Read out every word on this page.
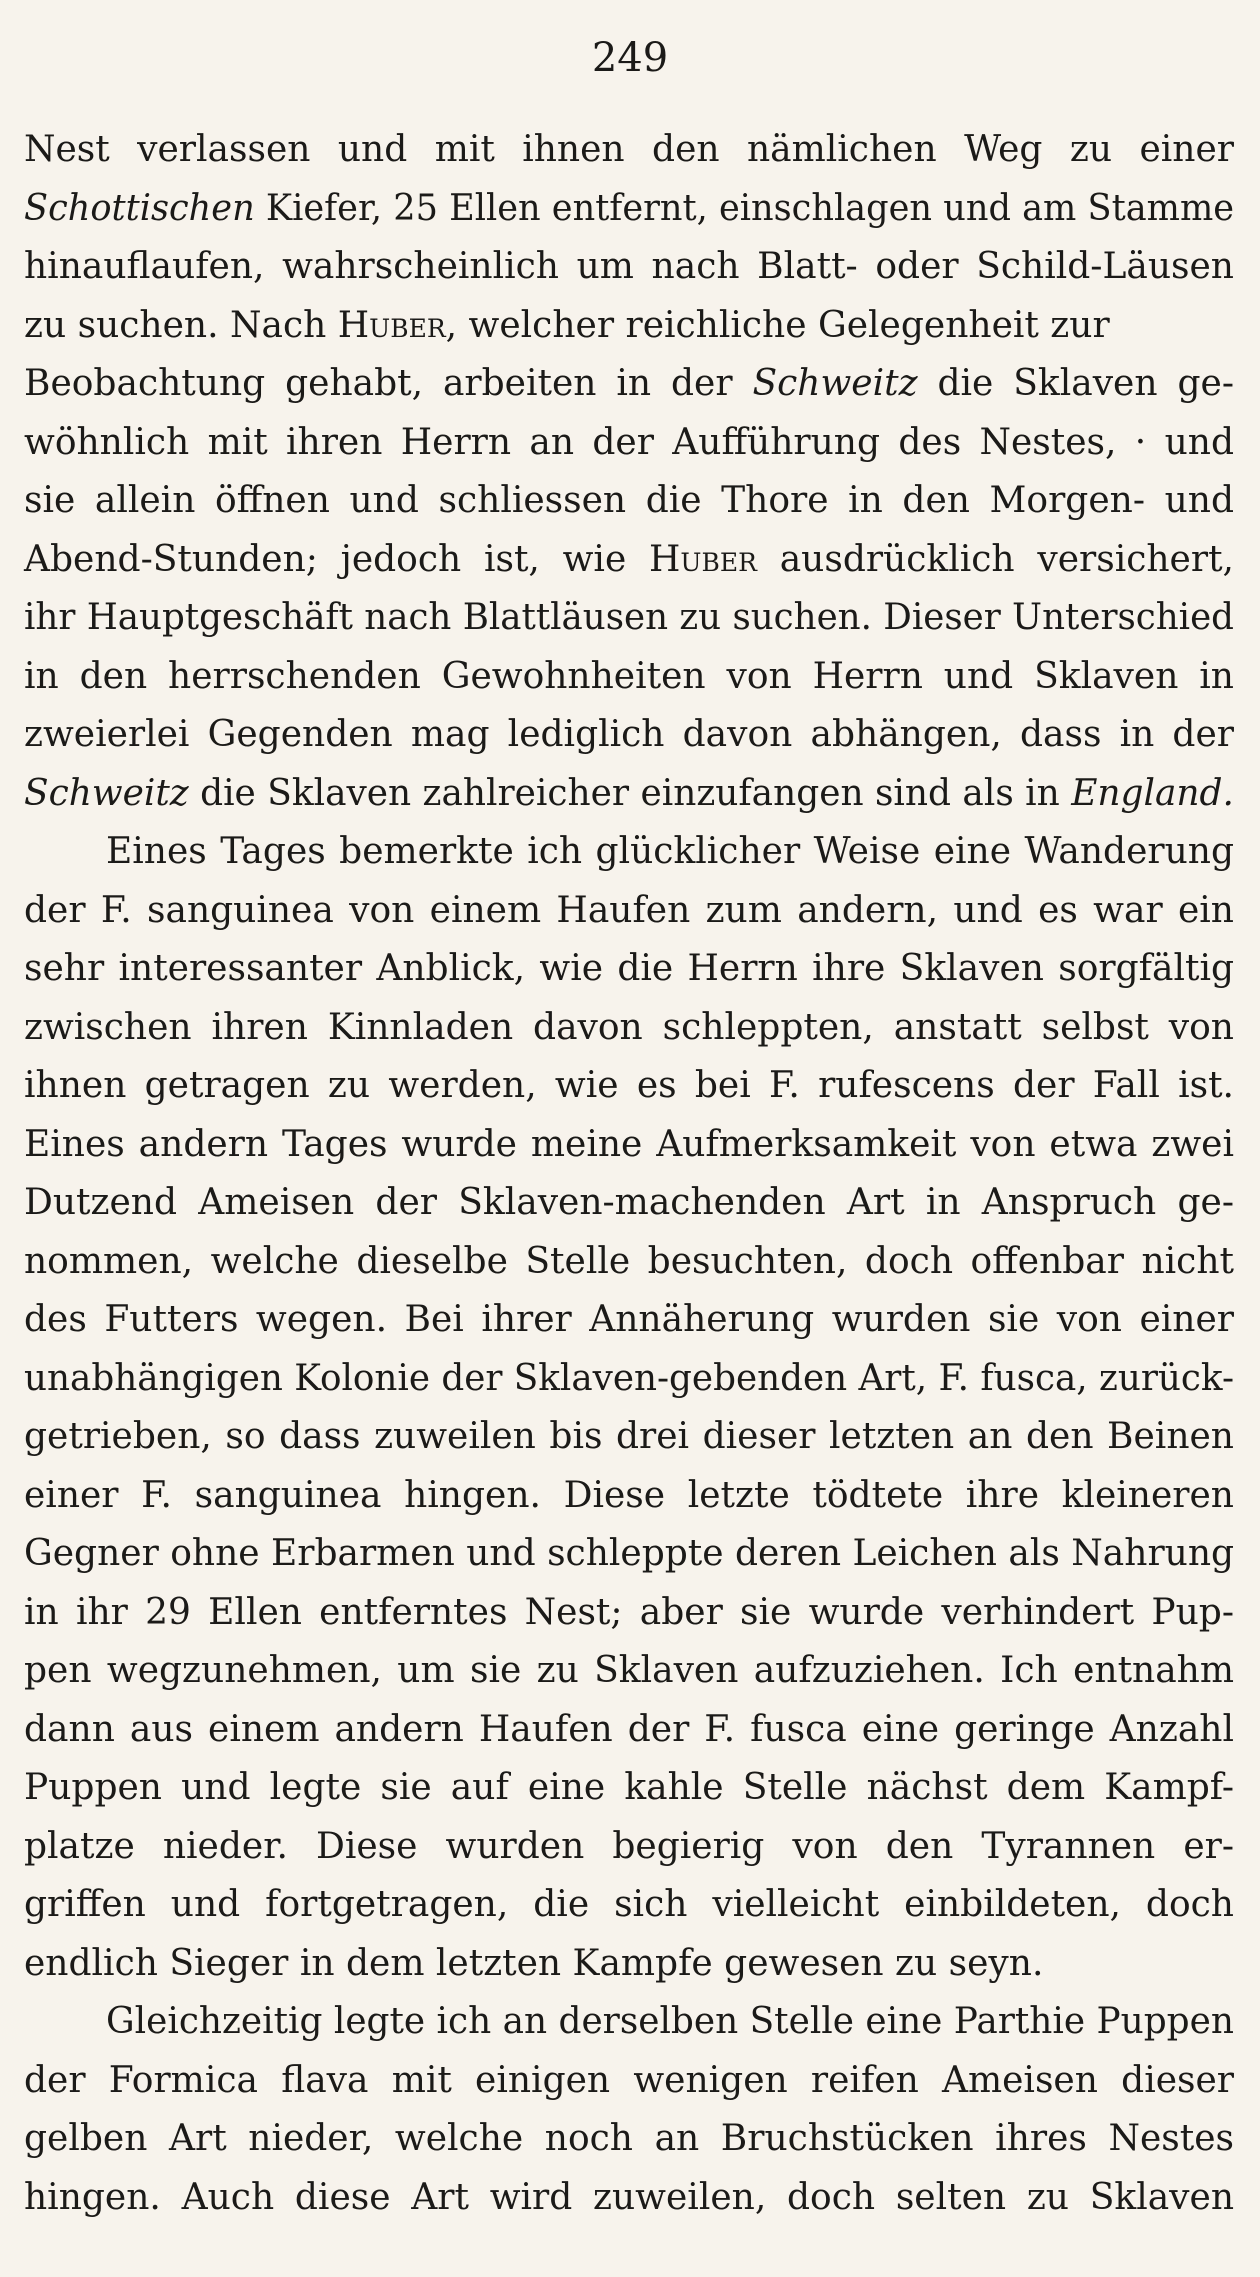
249
Nest verlassen und mit ihnen den nämlichen Weg zu einer
Schottischen Kiefer, 25 Ellen entfernt, einschlagen und am Stamme
hinauflaufen, wahrscheinlich um nach Blatt- oder Schild-Läusen
zu suchen. Nach Huber, welcher reichliche Gelegenheit zur
Beobachtung gehabt, arbeiten in der Schweitz die Sklaven ge-
wöhnlich mit ihren Herrn an der Aufführung des Nestes, · und
sie allein öffnen und schliessen die Thore in den Morgen- und
Abend-Stunden; jedoch ist, wie Huber ausdrücklich versichert,
ihr Hauptgeschäft nach Blattläusen zu suchen. Dieser Unterschied
in den herrschenden Gewohnheiten von Herrn und Sklaven in
zweierlei Gegenden mag lediglich davon abhängen, dass in der
Schweitz die Sklaven zahlreicher einzufangen sind als in England.
Eines Tages bemerkte ich glücklicher Weise eine Wanderung
der F. sanguinea von einem Haufen zum andern, und es war ein
sehr interessanter Anblick, wie die Herrn ihre Sklaven sorgfältig
zwischen ihren Kinnladen davon schleppten, anstatt selbst von
ihnen getragen zu werden, wie es bei F. rufescens der Fall ist.
Eines andern Tages wurde meine Aufmerksamkeit von etwa zwei
Dutzend Ameisen der Sklaven-machenden Art in Anspruch ge-
nommen, welche dieselbe Stelle besuchten, doch offenbar nicht
des Futters wegen. Bei ihrer Annäherung wurden sie von einer
unabhängigen Kolonie der Sklaven-gebenden Art, F. fusca, zurück-
getrieben, so dass zuweilen bis drei dieser letzten an den Beinen
einer F. sanguinea hingen. Diese letzte tödtete ihre kleineren
Gegner ohne Erbarmen und schleppte deren Leichen als Nahrung
in ihr 29 Ellen entferntes Nest; aber sie wurde verhindert Pup-
pen wegzunehmen, um sie zu Sklaven aufzuziehen. Ich entnahm
dann aus einem andern Haufen der F. fusca eine geringe Anzahl
Puppen und legte sie auf eine kahle Stelle nächst dem Kampf-
platze nieder. Diese wurden begierig von den Tyrannen er-
griffen und fortgetragen, die sich vielleicht einbildeten, doch
endlich Sieger in dem letzten Kampfe gewesen zu seyn.
Gleichzeitig legte ich an derselben Stelle eine Parthie Puppen
der Formica flava mit einigen wenigen reifen Ameisen dieser
gelben Art nieder, welche noch an Bruchstücken ihres Nestes
hingen. Auch diese Art wird zuweilen, doch selten zu Sklaven
